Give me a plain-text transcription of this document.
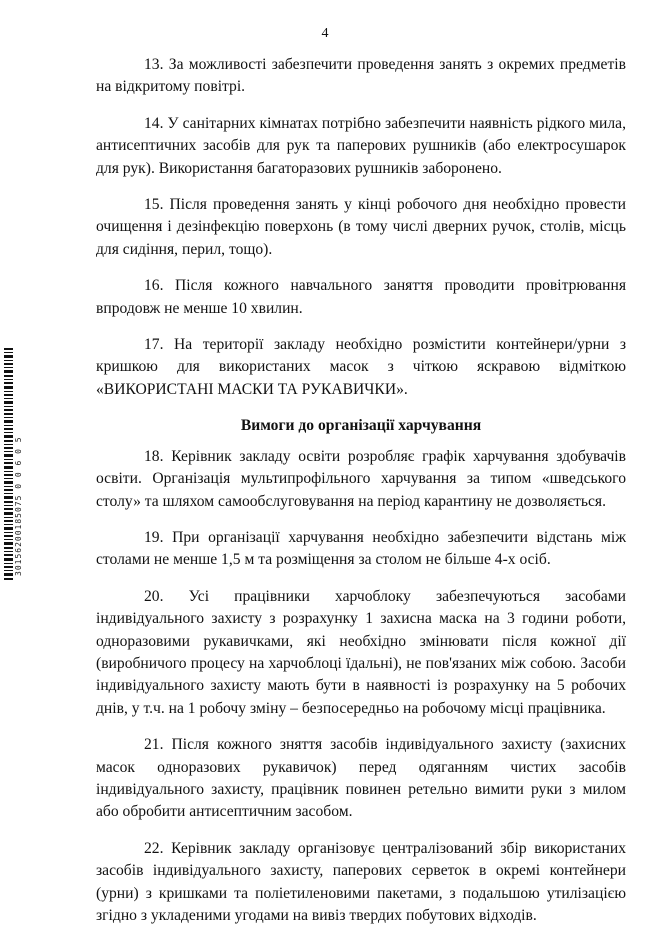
4
30156200185075 0 0 6 0 5

13. За можливості забезпечити проведення занять з окремих предметів на відкритому повітрі.

14. У санітарних кімнатах потрібно забезпечити наявність рідкого мила, антисептичних засобів для рук та паперових рушників (або електросушарок для рук). Використання багаторазових рушників заборонено.

15. Після проведення занять у кінці робочого дня необхідно провести очищення і дезінфекцію поверхонь (в тому числі дверних ручок, столів, місць для сидіння, перил, тощо).

16. Після кожного навчального заняття проводити провітрювання впродовж не менше 10 хвилин.

17. На території закладу необхідно розмістити контейнери/урни з кришкою для використаних масок з чіткою яскравою відміткою «ВИКОРИСТАНІ МАСКИ ТА РУКАВИЧКИ».

Вимоги до організації харчування

18. Керівник закладу освіти розробляє графік харчування здобувачів освіти. Організація мультипрофільного харчування за типом «шведського столу» та шляхом самообслуговування на період карантину не дозволяється.

19. При організації харчування необхідно забезпечити відстань між столами не менше 1,5 м та розміщення за столом не більше 4-х осіб.

20. Усі працівники харчоблоку забезпечуються засобами індивідуального захисту з розрахунку 1 захисна маска на 3 години роботи, одноразовими рукавичками, які необхідно змінювати після кожної дії (виробничого процесу на харчоблоці їдальні), не пов'язаних між собою. Засоби індивідуального захисту мають бути в наявності із розрахунку на 5 робочих днів, у т.ч. на 1 робочу зміну – безпосередньо на робочому місці працівника.

21. Після кожного зняття засобів індивідуального захисту (захисних масок одноразових рукавичок) перед одяганням чистих засобів індивідуального захисту, працівник повинен ретельно вимити руки з милом або обробити антисептичним засобом.

22. Керівник закладу організовує централізований збір використаних засобів індивідуального захисту, паперових серветок в окремі контейнери (урни) з кришками та поліетиленовими пакетами, з подальшою утилізацією згідно з укладеними угодами на вивіз твердих побутових відходів.
